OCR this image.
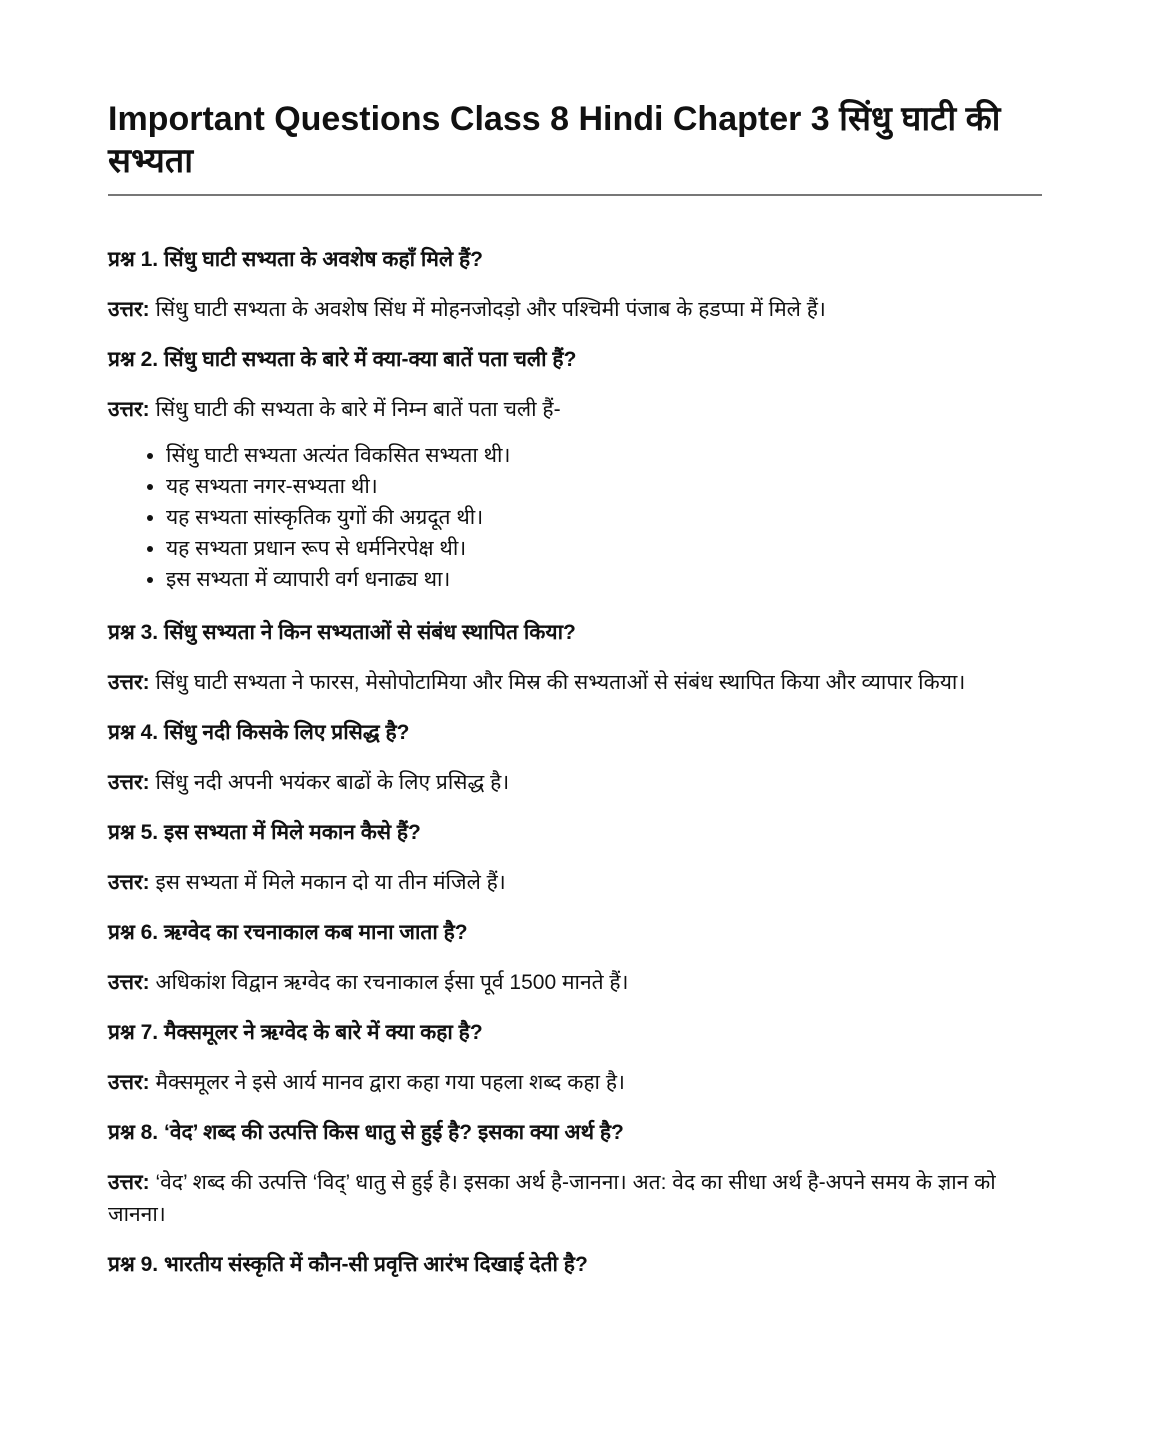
Important Questions Class 8 Hindi Chapter 3 सिंधु घाटी की सभ्यता

प्रश्न 1. सिंधु घाटी सभ्यता के अवशेष कहाँ मिले हैं?

उत्तर: सिंधु घाटी सभ्यता के अवशेष सिंध में मोहनजोदड़ो और पश्चिमी पंजाब के हडप्पा में मिले हैं।

प्रश्न 2. सिंधु घाटी सभ्यता के बारे में क्या-क्या बातें पता चली हैं?

उत्तर: सिंधु घाटी की सभ्यता के बारे में निम्न बातें पता चली हैं-

• सिंधु घाटी सभ्यता अत्यंत विकसित सभ्यता थी।
• यह सभ्यता नगर-सभ्यता थी।
• यह सभ्यता सांस्कृतिक युगों की अग्रदूत थी।
• यह सभ्यता प्रधान रूप से धर्मनिरपेक्ष थी।
• इस सभ्यता में व्यापारी वर्ग धनाढ्य था।

प्रश्न 3. सिंधु सभ्यता ने किन सभ्यताओं से संबंध स्थापित किया?

उत्तर: सिंधु घाटी सभ्यता ने फारस, मेसोपोटामिया और मिस्र की सभ्यताओं से संबंध स्थापित किया और व्यापार किया।

प्रश्न 4. सिंधु नदी किसके लिए प्रसिद्ध है?

उत्तर: सिंधु नदी अपनी भयंकर बाढों के लिए प्रसिद्ध है।

प्रश्न 5. इस सभ्यता में मिले मकान कैसे हैं?

उत्तर: इस सभ्यता में मिले मकान दो या तीन मंजिले हैं।

प्रश्न 6. ऋग्वेद का रचनाकाल कब माना जाता है?

उत्तर: अधिकांश विद्वान ऋग्वेद का रचनाकाल ईसा पूर्व 1500 मानते हैं।

प्रश्न 7. मैक्समूलर ने ऋग्वेद के बारे में क्या कहा है?

उत्तर: मैक्समूलर ने इसे आर्य मानव द्वारा कहा गया पहला शब्द कहा है।

प्रश्न 8. ‘वेद’ शब्द की उत्पत्ति किस धातु से हुई है? इसका क्या अर्थ है?

उत्तर: ‘वेद’ शब्द की उत्पत्ति ‘विद्’ धातु से हुई है। इसका अर्थ है-जानना। अत: वेद का सीधा अर्थ है-अपने समय के ज्ञान को जानना।

प्रश्न 9. भारतीय संस्कृति में कौन-सी प्रवृत्ति आरंभ दिखाई देती है?
